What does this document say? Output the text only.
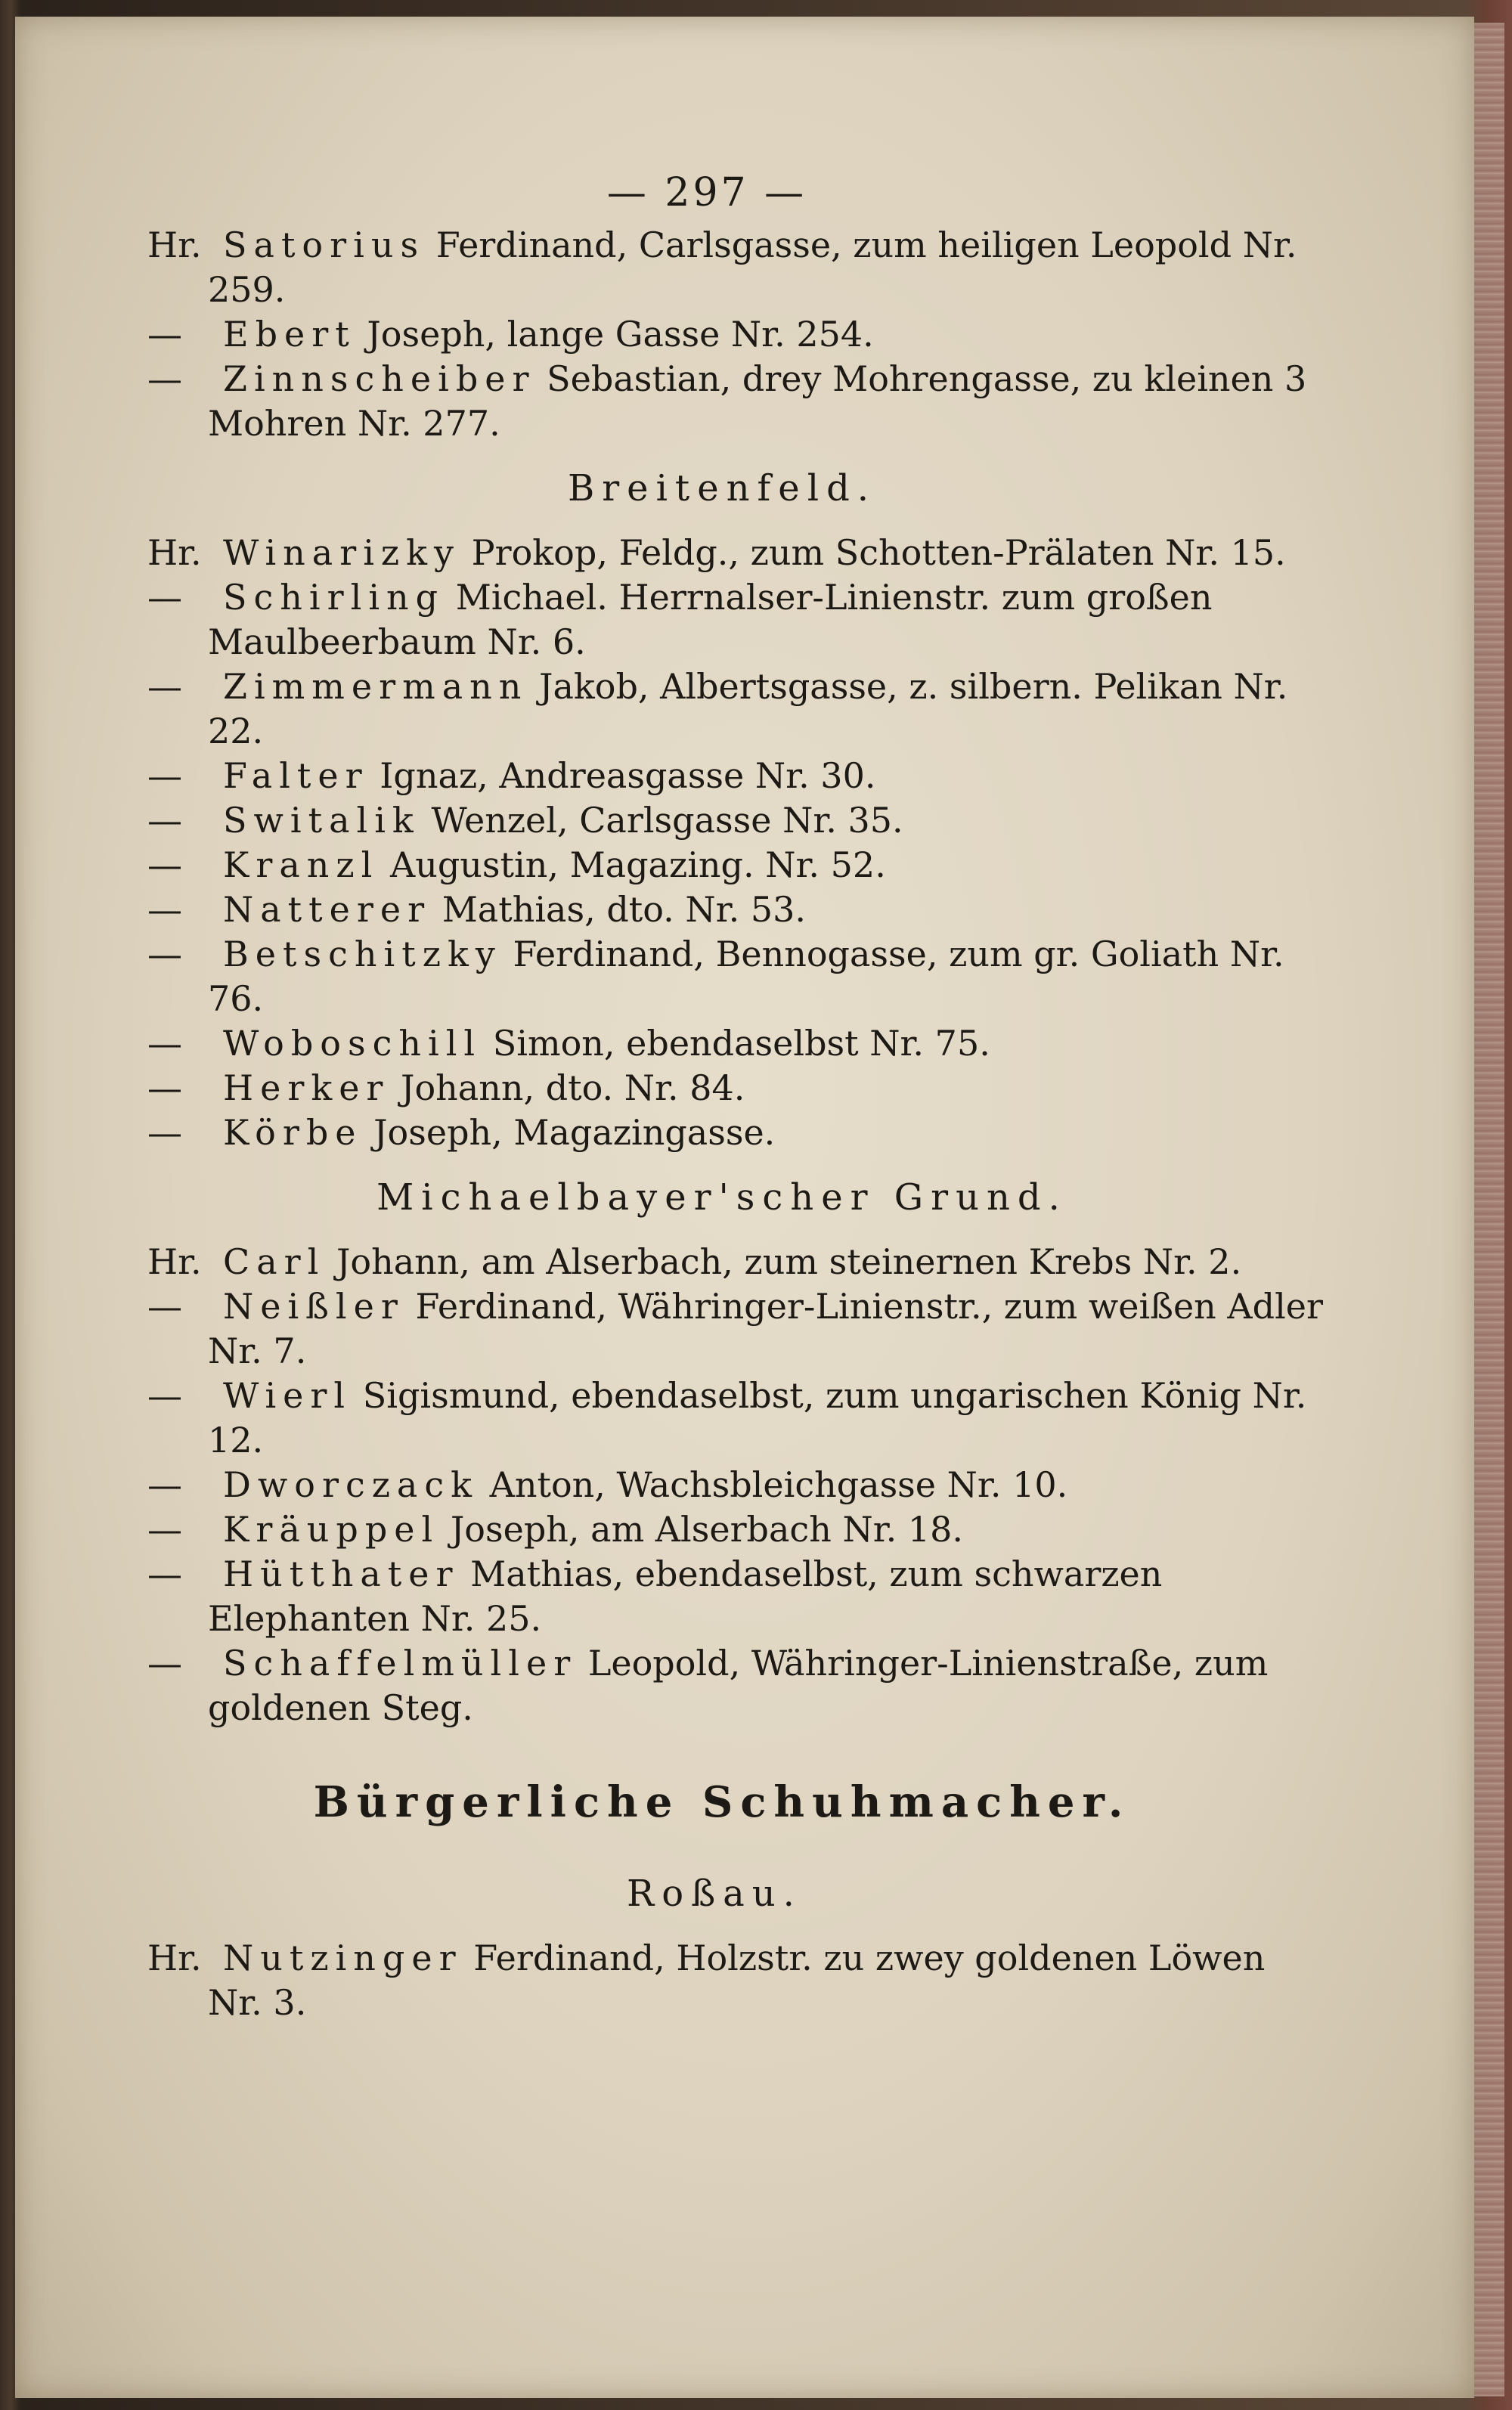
— 297 —
Hr. Satorius Ferdinand, Carlsgasse, zum heiligen Leopold Nr. 259.
— Ebert Joseph, lange Gasse Nr. 254.
— Zinnscheiber Sebastian, drey Mohrengasse, zu kleinen 3 Mohren Nr. 277.
Breitenfeld.
Hr. Winarizky Prokop, Feldg., zum Schotten-Prälaten Nr. 15.
— Schirling Michael. Herrnalser-Linienstr. zum großen Maulbeerbaum Nr. 6.
— Zimmermann Jakob, Albertsgasse, z. silbern. Pelikan Nr. 22.
— Falter Ignaz, Andreasgasse Nr. 30.
— Switalik Wenzel, Carlsgasse Nr. 35.
— Kranzl Augustin, Magazing. Nr. 52.
— Natterer Mathias, dto. Nr. 53.
— Betschitzky Ferdinand, Bennogasse, zum gr. Goliath Nr. 76.
— Woboschill Simon, ebendaselbst Nr. 75.
— Herker Johann, dto. Nr. 84.
— Körbe Joseph, Magazingasse.
Michaelbayer'scher Grund.
Hr. Carl Johann, am Alserbach, zum steinernen Krebs Nr. 2.
— Neißler Ferdinand, Währinger-Linienstr., zum weißen Adler Nr. 7.
— Wierl Sigismund, ebendaselbst, zum ungarischen König Nr. 12.
— Dworczack Anton, Wachsbleichgasse Nr. 10.
— Kräuppel Joseph, am Alserbach Nr. 18.
— Hütthater Mathias, ebendaselbst, zum schwarzen Elephanten Nr. 25.
— Schaffelmüller Leopold, Währinger-Linienstraße, zum goldenen Steg.
Bürgerliche Schuhmacher.
Roßau.
Hr. Nutzinger Ferdinand, Holzstr. zu zwey goldenen Löwen Nr. 3.
